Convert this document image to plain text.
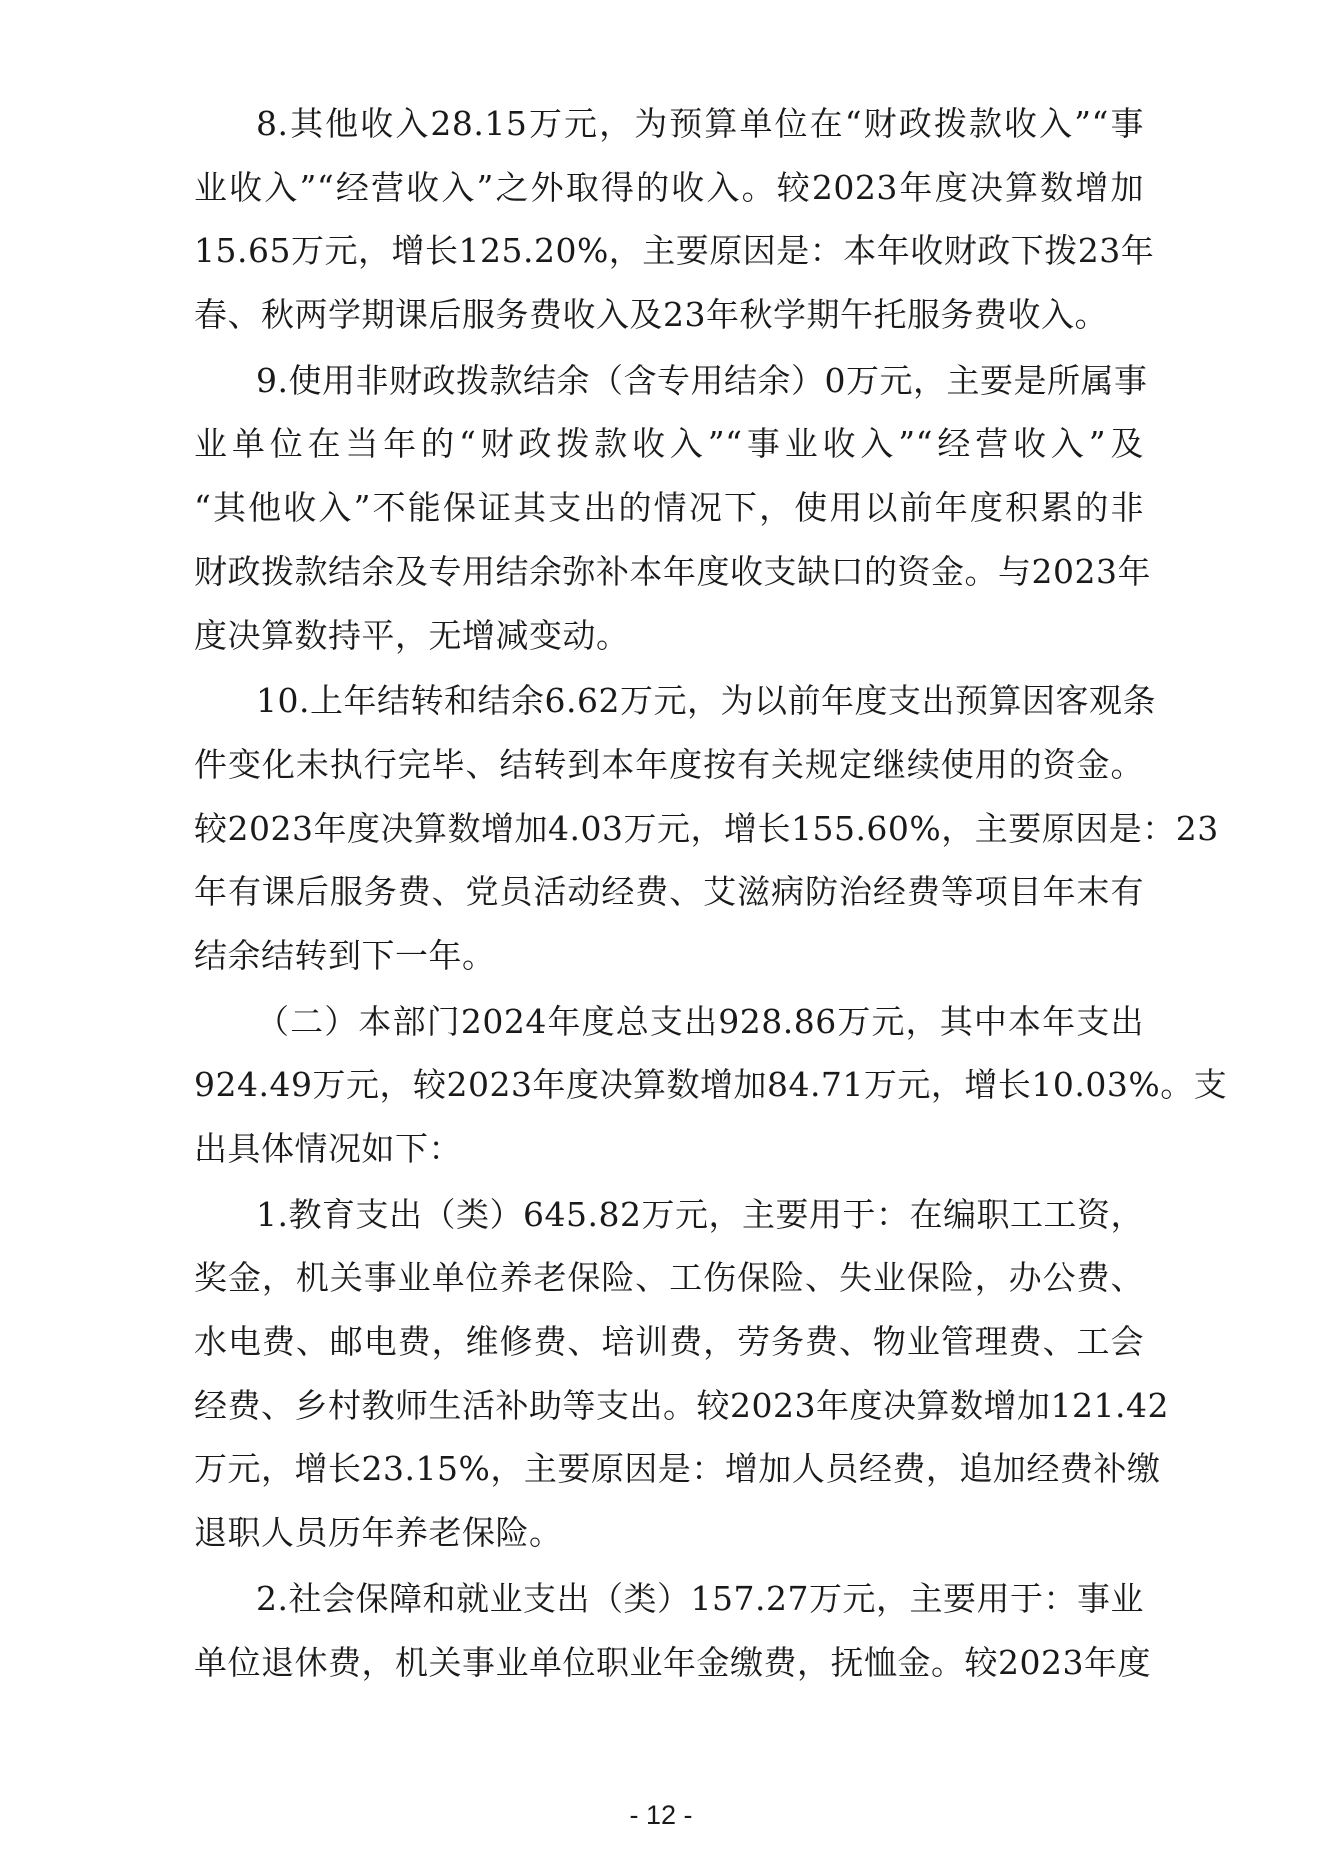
8.其他收入28.15万元，为预算单位在“财政拨款收入”“事
业收入”“经营收入”之外取得的收入。较2023年度决算数增加
15.65万元，增长125.20%，主要原因是：本年收财政下拨23年
春、秋两学期课后服务费收入及23年秋学期午托服务费收入。
9.使用非财政拨款结余（含专用结余）0万元，主要是所属事
业单位在当年的“财政拨款收入”“事业收入”“经营收入”及
“其他收入”不能保证其支出的情况下，使用以前年度积累的非
财政拨款结余及专用结余弥补本年度收支缺口的资金。与2023年
度决算数持平，无增减变动。
10.上年结转和结余6.62万元，为以前年度支出预算因客观条
件变化未执行完毕、结转到本年度按有关规定继续使用的资金。
较2023年度决算数增加4.03万元，增长155.60%，主要原因是：23
年有课后服务费、党员活动经费、艾滋病防治经费等项目年末有
结余结转到下一年。
（二）本部门2024年度总支出928.86万元，其中本年支出
924.49万元，较2023年度决算数增加84.71万元，增长10.03%。支
出具体情况如下：
1.教育支出（类）645.82万元，主要用于：在编职工工资，
奖金，机关事业单位养老保险、工伤保险、失业保险，办公费、
水电费、邮电费，维修费、培训费，劳务费、物业管理费、工会
经费、乡村教师生活补助等支出。较2023年度决算数增加121.42
万元，增长23.15%，主要原因是：增加人员经费，追加经费补缴
退职人员历年养老保险。
2.社会保障和就业支出（类）157.27万元，主要用于：事业
单位退休费，机关事业单位职业年金缴费，抚恤金。较2023年度
- 12 -
